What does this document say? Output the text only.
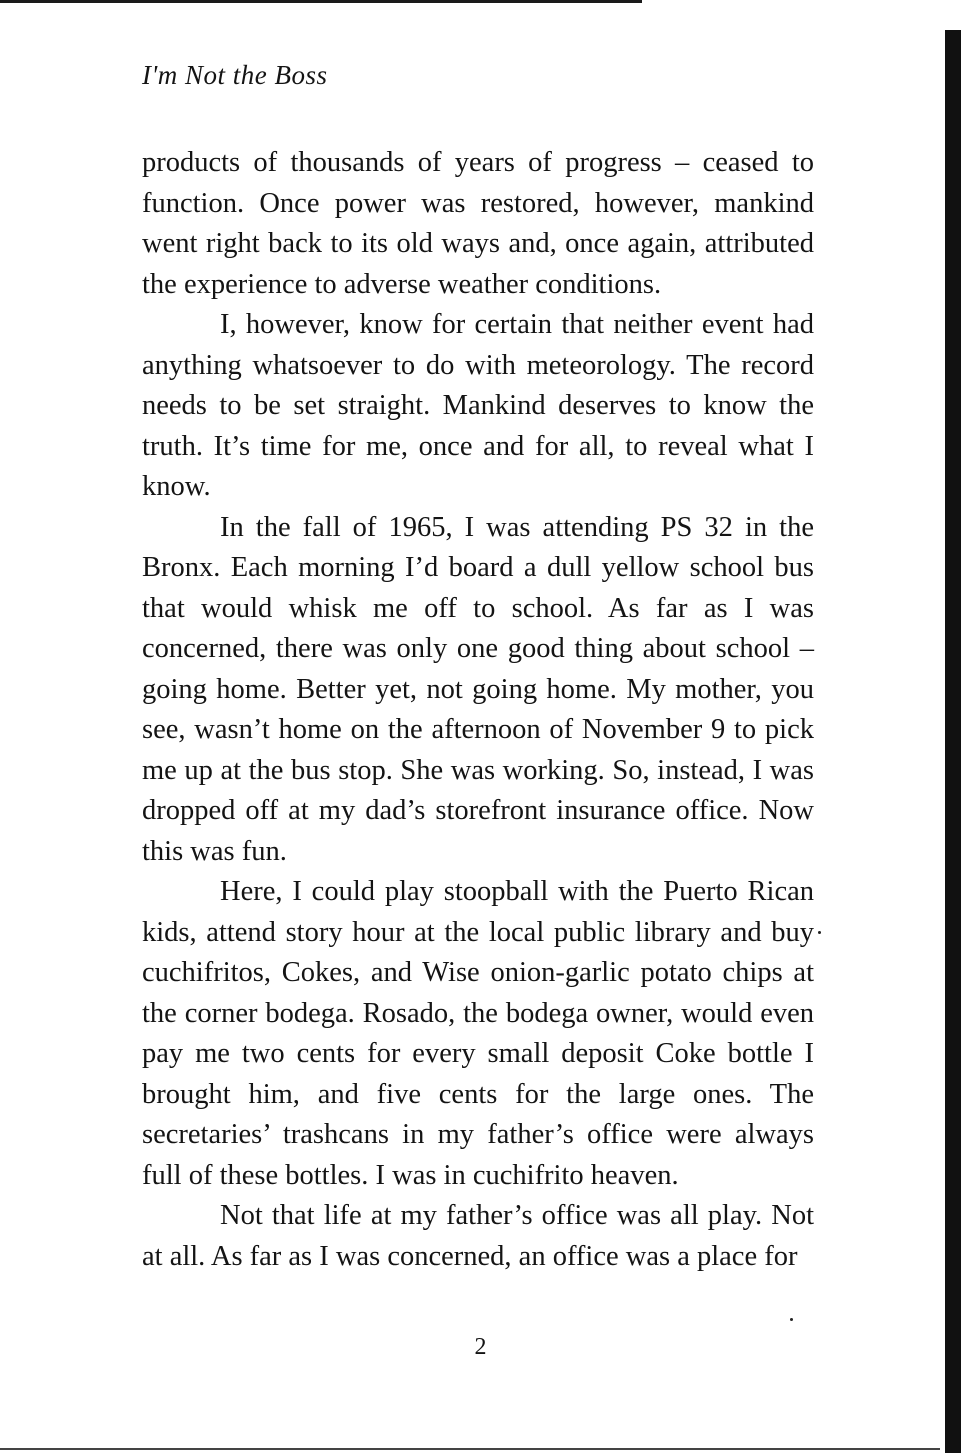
I'm Not the Boss

products of thousands of years of progress – ceased to function. Once power was restored, however, mankind went right back to its old ways and, once again, attributed the experience to adverse weather conditions.

I, however, know for certain that neither event had anything whatsoever to do with meteorology. The record needs to be set straight. Mankind deserves to know the truth. It’s time for me, once and for all, to reveal what I know.

In the fall of 1965, I was attending PS 32 in the Bronx. Each morning I’d board a dull yellow school bus that would whisk me off to school. As far as I was concerned, there was only one good thing about school – going home. Better yet, not going home. My mother, you see, wasn’t home on the afternoon of November 9 to pick me up at the bus stop. She was working. So, instead, I was dropped off at my dad’s storefront insurance office. Now this was fun.

Here, I could play stoopball with the Puerto Rican kids, attend story hour at the local public library and buy cuchifritos, Cokes, and Wise onion-garlic potato chips at the corner bodega. Rosado, the bodega owner, would even pay me two cents for every small deposit Coke bottle I brought him, and five cents for the large ones. The secretaries’ trashcans in my father’s office were always full of these bottles. I was in cuchifrito heaven.

Not that life at my father’s office was all play. Not at all. As far as I was concerned, an office was a place for

2
